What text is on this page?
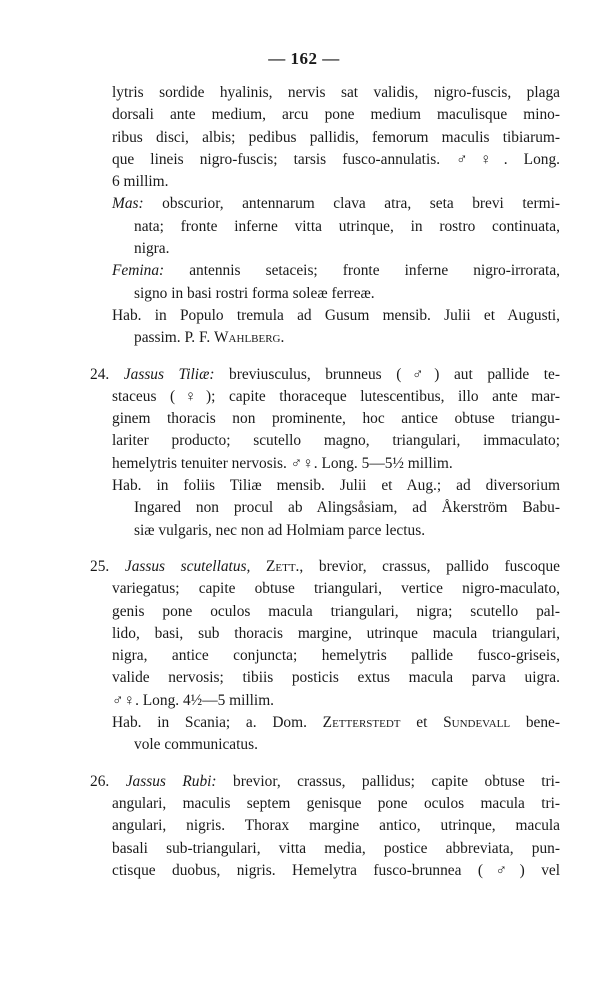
— 162 —
lytris sordide hyalinis, nervis sat validis, nigro-fuscis, plaga
dorsali ante medium, arcu pone medium maculisque mino-
ribus disci, albis; pedibus pallidis, femorum maculis tibiarum-
que lineis nigro-fuscis; tarsis fusco-annulatis. ♂♀. Long.
6 millim.
Mas: obscurior, antennarum clava atra, seta brevi termi-
nata; fronte inferne vitta utrinque, in rostro continuata,
nigra.
Femina: antennis setaceis; fronte inferne nigro-irrorata,
signo in basi rostri forma soleæ ferreæ.
Hab. in Populo tremula ad Gusum mensib. Julii et Augusti,
passim. P. F. Wahlberg.
24. Jassus Tiliæ: breviusculus, brunneus (♂) aut pallide te-
staceus (♀); capite thoraceque lutescentibus, illo ante mar-
ginem thoracis non prominente, hoc antice obtuse triangu-
lariter producto; scutello magno, triangulari, immaculato;
hemelytris tenuiter nervosis. ♂♀. Long. 5—5½ millim.
Hab. in foliis Tiliæ mensib. Julii et Aug.; ad diversorium
Ingared non procul ab Alingsåsiam, ad Åkerström Babu-
siæ vulgaris, nec non ad Holmiam parce lectus.
25. Jassus scutellatus, Zett., brevior, crassus, pallido fuscoque
variegatus; capite obtuse triangulari, vertice nigro-maculato,
genis pone oculos macula triangulari, nigra; scutello pal-
lido, basi, sub thoracis margine, utrinque macula triangulari,
nigra, antice conjuncta; hemelytris pallide fusco-griseis,
valide nervosis; tibiis posticis extus macula parva uigra.
♂♀. Long. 4½—5 millim.
Hab. in Scania; a. Dom. Zetterstedt et Sundevall bene-
vole communicatus.
26. Jassus Rubi: brevior, crassus, pallidus; capite obtuse tri-
angulari, maculis septem genisque pone oculos macula tri-
angulari, nigris. Thorax margine antico, utrinque, macula
basali sub-triangulari, vitta media, postice abbreviata, pun-
ctisque duobus, nigris. Hemelytra fusco-brunnea (♂) vel
